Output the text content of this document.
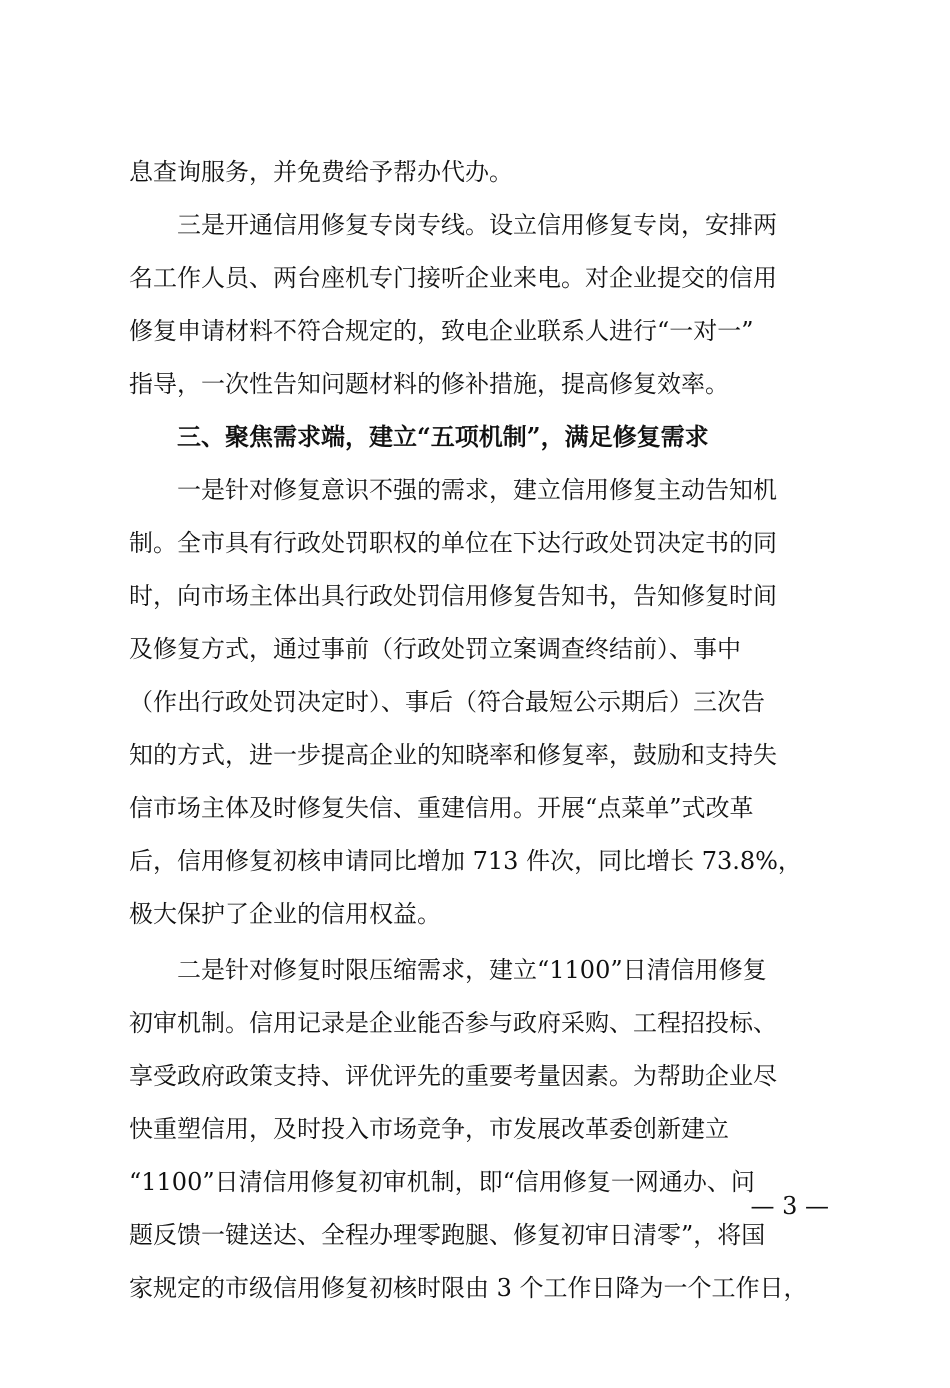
息查询服务，并免费给予帮办代办。

三是开通信用修复专岗专线。设立信用修复专岗，安排两

名工作人员、两台座机专门接听企业来电。对企业提交的信用

修复申请材料不符合规定的，致电企业联系人进行“一对一”

指导，一次性告知问题材料的修补措施，提高修复效率。

三、聚焦需求端，建立“五项机制”，满足修复需求

一是针对修复意识不强的需求，建立信用修复主动告知机

制。全市具有行政处罚职权的单位在下达行政处罚决定书的同

时，向市场主体出具行政处罚信用修复告知书，告知修复时间

及修复方式，通过事前（行政处罚立案调查终结前）、事中

（作出行政处罚决定时）、事后（符合最短公示期后）三次告

知的方式，进一步提高企业的知晓率和修复率，鼓励和支持失

信市场主体及时修复失信、重建信用。开展“点菜单”式改革

后，信用修复初核申请同比增加 713 件次，同比增长 73.8%，

极大保护了企业的信用权益。

二是针对修复时限压缩需求，建立“1100”日清信用修复

初审机制。信用记录是企业能否参与政府采购、工程招投标、

享受政府政策支持、评优评先的重要考量因素。为帮助企业尽

快重塑信用，及时投入市场竞争，市发展改革委创新建立

“1100”日清信用修复初审机制，即“信用修复一网通办、问

题反馈一键送达、全程办理零跑腿、修复初审日清零”，将国

家规定的市级信用修复初核时限由 3 个工作日降为一个工作日，

— 3 —
